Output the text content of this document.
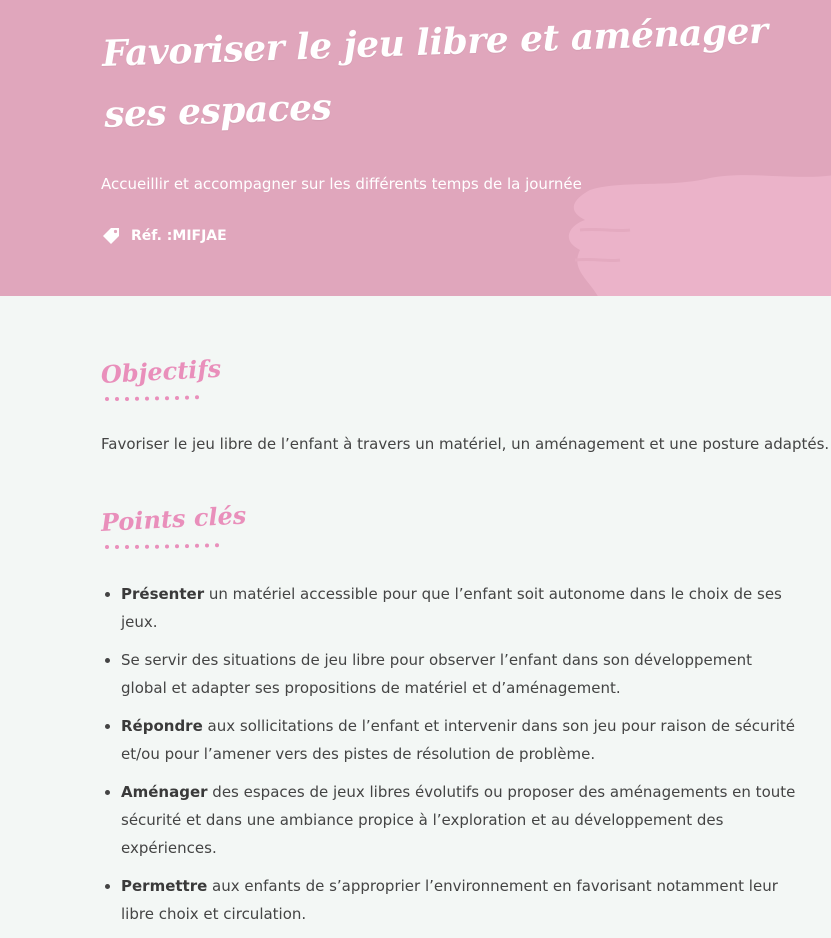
Favoriser le jeu libre et aménager ses espaces

Accueillir et accompagner sur les différents temps de la journée

Réf. :MIFJAE
Objectifs

Favoriser le jeu libre de l’enfant à travers un matériel, un aménagement et une posture adaptés.

Points clés
Présenter un matériel accessible pour que l’enfant soit autonome dans le choix de ses jeux.
Se servir des situations de jeu libre pour observer l’enfant dans son développement global et adapter ses propositions de matériel et d’aménagement.
Répondre aux sollicitations de l’enfant et intervenir dans son jeu pour raison de sécurité et/ou pour l’amener vers des pistes de résolution de problème.
Aménager des espaces de jeux libres évolutifs ou proposer des aménagements en toute sécurité et dans une ambiance propice à l’exploration et au développement des expériences.
Permettre aux enfants de s’approprier l’environnement en favorisant notamment leur libre choix et circulation.
